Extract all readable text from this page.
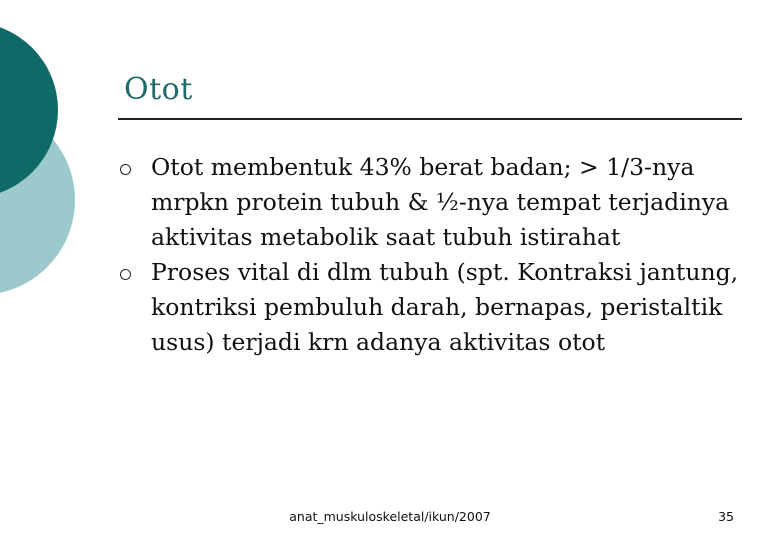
Otot
Otot membentuk 43% berat badan; > 1/3-nya mrpkn protein tubuh & ½-nya tempat terjadinya aktivitas metabolik saat tubuh istirahat
Proses vital di dlm tubuh (spt. Kontraksi jantung, kontriksi pembuluh darah, bernapas, peristaltik usus) terjadi krn adanya aktivitas otot
anat_muskuloskeletal/ikun/2007	35
